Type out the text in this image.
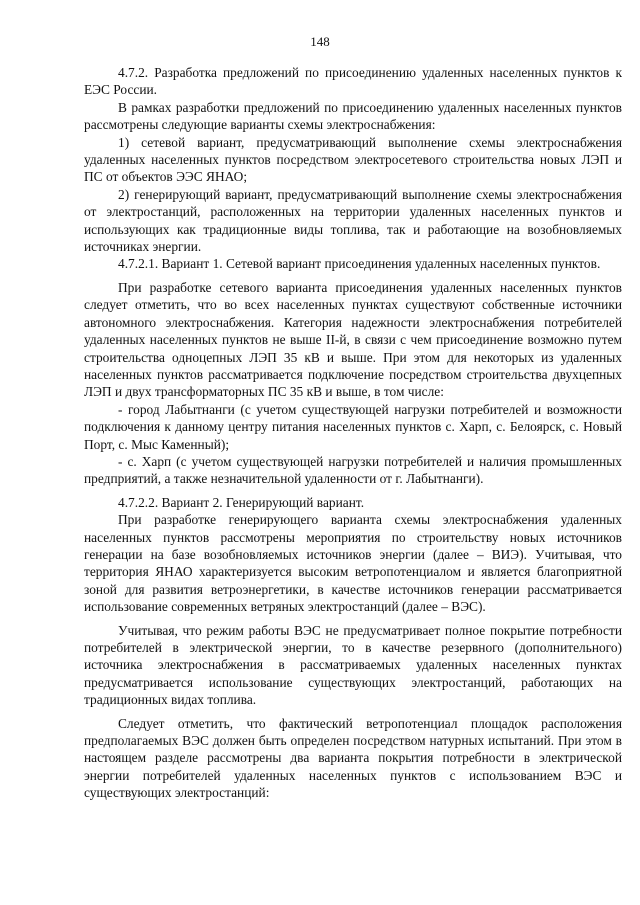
148

4.7.2. Разработка предложений по присоединению удаленных населенных пунктов к ЕЭС России.

В рамках разработки предложений по присоединению удаленных населенных пунктов рассмотрены следующие варианты схемы электроснабжения:

1) сетевой вариант, предусматривающий выполнение схемы электроснабжения удаленных населенных пунктов посредством электросетевого строительства новых ЛЭП и ПС от объектов ЭЭС ЯНАО;

2) генерирующий вариант, предусматривающий выполнение схемы электроснабжения от электростанций, расположенных на территории удаленных населенных пунктов и использующих как традиционные виды топлива, так и работающие на возобновляемых источниках энергии.

4.7.2.1. Вариант 1. Сетевой вариант присоединения удаленных населенных пунктов.

При разработке сетевого варианта присоединения удаленных населенных пунктов следует отметить, что во всех населенных пунктах существуют собственные источники автономного электроснабжения. Категория надежности электроснабжения потребителей удаленных населенных пунктов не выше II-й, в связи с чем присоединение возможно путем строительства одноцепных ЛЭП 35 кВ и выше. При этом для некоторых из удаленных населенных пунктов рассматривается подключение посредством строительства двухцепных ЛЭП и двух трансформаторных ПС 35 кВ и выше, в том числе:

- город Лабытнанги (с учетом существующей нагрузки потребителей и возможности подключения к данному центру питания населенных пунктов с. Харп, с. Белоярск, с. Новый Порт, с. Мыс Каменный);

- с. Харп (с учетом существующей нагрузки потребителей и наличия промышленных предприятий, а также незначительной удаленности от г. Лабытнанги).

4.7.2.2. Вариант 2. Генерирующий вариант.

При разработке генерирующего варианта схемы электроснабжения удаленных населенных пунктов рассмотрены мероприятия по строительству новых источников генерации на базе возобновляемых источников энергии (далее – ВИЭ). Учитывая, что территория ЯНАО характеризуется высоким ветропотенциалом и является благоприятной зоной для развития ветроэнергетики, в качестве источников генерации рассматривается использование современных ветряных электростанций (далее – ВЭС).

Учитывая, что режим работы ВЭС не предусматривает полное покрытие потребности потребителей в электрической энергии, то в качестве резервного (дополнительного) источника электроснабжения в рассматриваемых удаленных населенных пунктах предусматривается использование существующих электростанций, работающих на традиционных видах топлива.

Следует отметить, что фактический ветропотенциал площадок расположения предполагаемых ВЭС должен быть определен посредством натурных испытаний. При этом в настоящем разделе рассмотрены два варианта покрытия потребности в электрической энергии потребителей удаленных населенных пунктов с использованием ВЭС и существующих электростанций:
